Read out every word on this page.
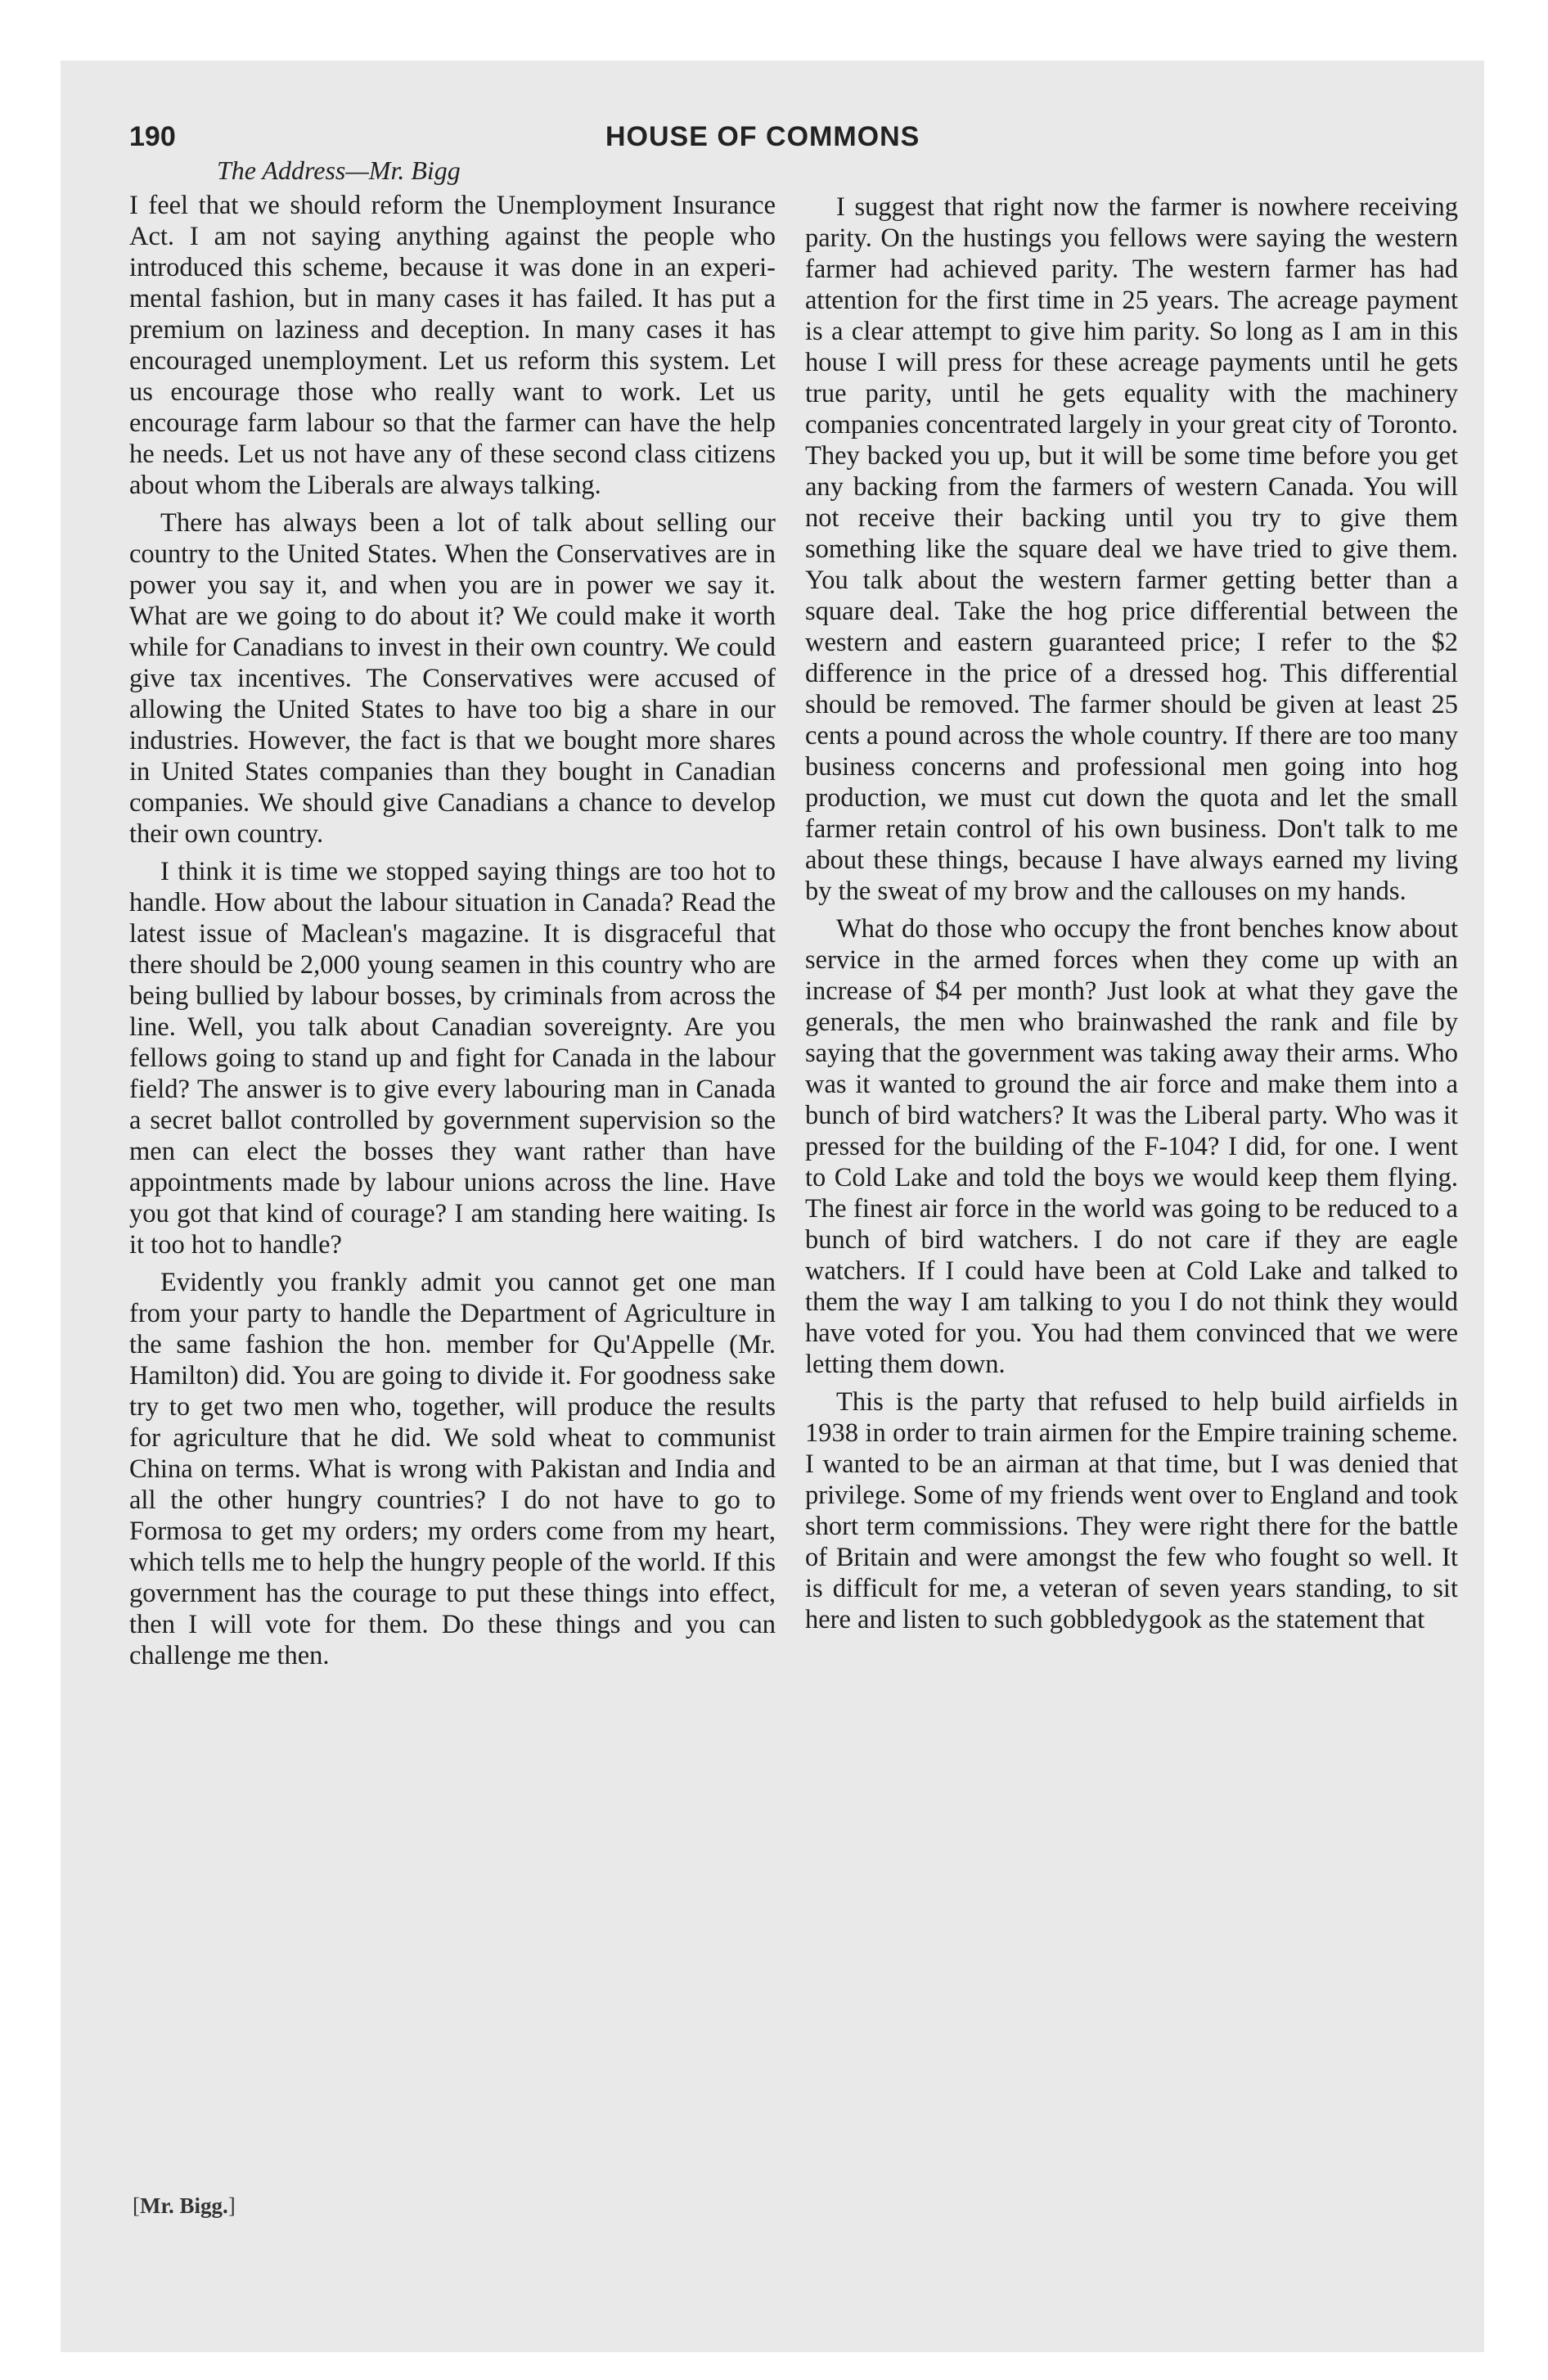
190	HOUSE OF COMMONS
The Address—Mr. Bigg

I feel that we should reform the Unemployment Insurance Act. I am not saying anything against the people who introduced this scheme, because it was done in an experimental fashion, but in many cases it has failed. It has put a premium on laziness and deception. In many cases it has encouraged unemployment. Let us reform this system. Let us encourage those who really want to work. Let us encourage farm labour so that the farmer can have the help he needs. Let us not have any of these second class citizens about whom the Liberals are always talking.

There has always been a lot of talk about selling our country to the United States. When the Conservatives are in power you say it, and when you are in power we say it. What are we going to do about it? We could make it worth while for Canadians to invest in their own country. We could give tax incentives. The Conservatives were accused of allowing the United States to have too big a share in our industries. However, the fact is that we bought more shares in United States companies than they bought in Canadian companies. We should give Canadians a chance to develop their own country.

I think it is time we stopped saying things are too hot to handle. How about the labour situation in Canada? Read the latest issue of Maclean's magazine. It is disgraceful that there should be 2,000 young seamen in this country who are being bullied by labour bosses, by criminals from across the line. Well, you talk about Canadian sovereignty. Are you fellows going to stand up and fight for Canada in the labour field? The answer is to give every labouring man in Canada a secret ballot controlled by government supervision so the men can elect the bosses they want rather than have appointments made by labour unions across the line. Have you got that kind of courage? I am standing here waiting. Is it too hot to handle?

Evidently you frankly admit you cannot get one man from your party to handle the Department of Agriculture in the same fashion the hon. member for Qu'Appelle (Mr. Hamilton) did. You are going to divide it. For goodness sake try to get two men who, together, will produce the results for agriculture that he did. We sold wheat to communist China on terms. What is wrong with Pakistan and India and all the other hungry countries? I do not have to go to Formosa to get my orders; my orders come from my heart, which tells me to help the hungry people of the world. If this government has the courage to put these things into effect, then I will vote for them. Do these things and you can challenge me then.

I suggest that right now the farmer is nowhere receiving parity. On the hustings you fellows were saying the western farmer had achieved parity. The western farmer has had attention for the first time in 25 years. The acreage payment is a clear attempt to give him parity. So long as I am in this house I will press for these acreage payments until he gets true parity, until he gets equality with the machinery companies concentrated largely in your great city of Toronto. They backed you up, but it will be some time before you get any backing from the farmers of western Canada. You will not receive their backing until you try to give them something like the square deal we have tried to give them. You talk about the western farmer getting better than a square deal. Take the hog price differential between the western and eastern guaranteed price; I refer to the $2 difference in the price of a dressed hog. This differential should be removed. The farmer should be given at least 25 cents a pound across the whole country. If there are too many business concerns and professional men going into hog production, we must cut down the quota and let the small farmer retain control of his own business. Don't talk to me about these things, because I have always earned my living by the sweat of my brow and the callouses on my hands.

What do those who occupy the front benches know about service in the armed forces when they come up with an increase of $4 per month? Just look at what they gave the generals, the men who brainwashed the rank and file by saying that the government was taking away their arms. Who was it wanted to ground the air force and make them into a bunch of bird watchers? It was the Liberal party. Who was it pressed for the building of the F-104? I did, for one. I went to Cold Lake and told the boys we would keep them flying. The finest air force in the world was going to be reduced to a bunch of bird watchers. I do not care if they are eagle watchers. If I could have been at Cold Lake and talked to them the way I am talking to you I do not think they would have voted for you. You had them convinced that we were letting them down.

This is the party that refused to help build airfields in 1938 in order to train airmen for the Empire training scheme. I wanted to be an airman at that time, but I was denied that privilege. Some of my friends went over to England and took short term commissions. They were right there for the battle of Britain and were amongst the few who fought so well. It is difficult for me, a veteran of seven years standing, to sit here and listen to such gobbledygook as the statement that

[Mr. Bigg.]
